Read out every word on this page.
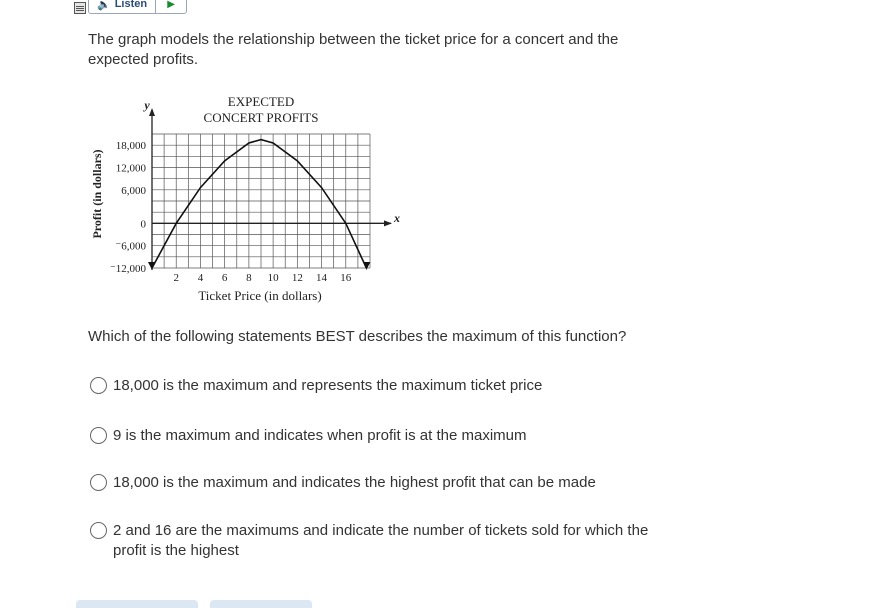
🔈 Listen ▶
The graph models the relationship between the ticket price for a concert and the expected profits.
2 4 6 8 10 12 14 16
18,000
12,000
6,000
0
⁻6,000
⁻12,000
EXPECTED
CONCERT PROFITS
Ticket Price (in dollars)
Profit (in dollars)	x
y
Which of the following statements BEST describes the maximum of this function?
18,000 is the maximum and represents the maximum ticket price
9 is the maximum and indicates when profit is at the maximum
18,000 is the maximum and indicates the highest profit that can be made
2 and 16 are the maximums and indicate the number of tickets sold for which the profit is the highest
